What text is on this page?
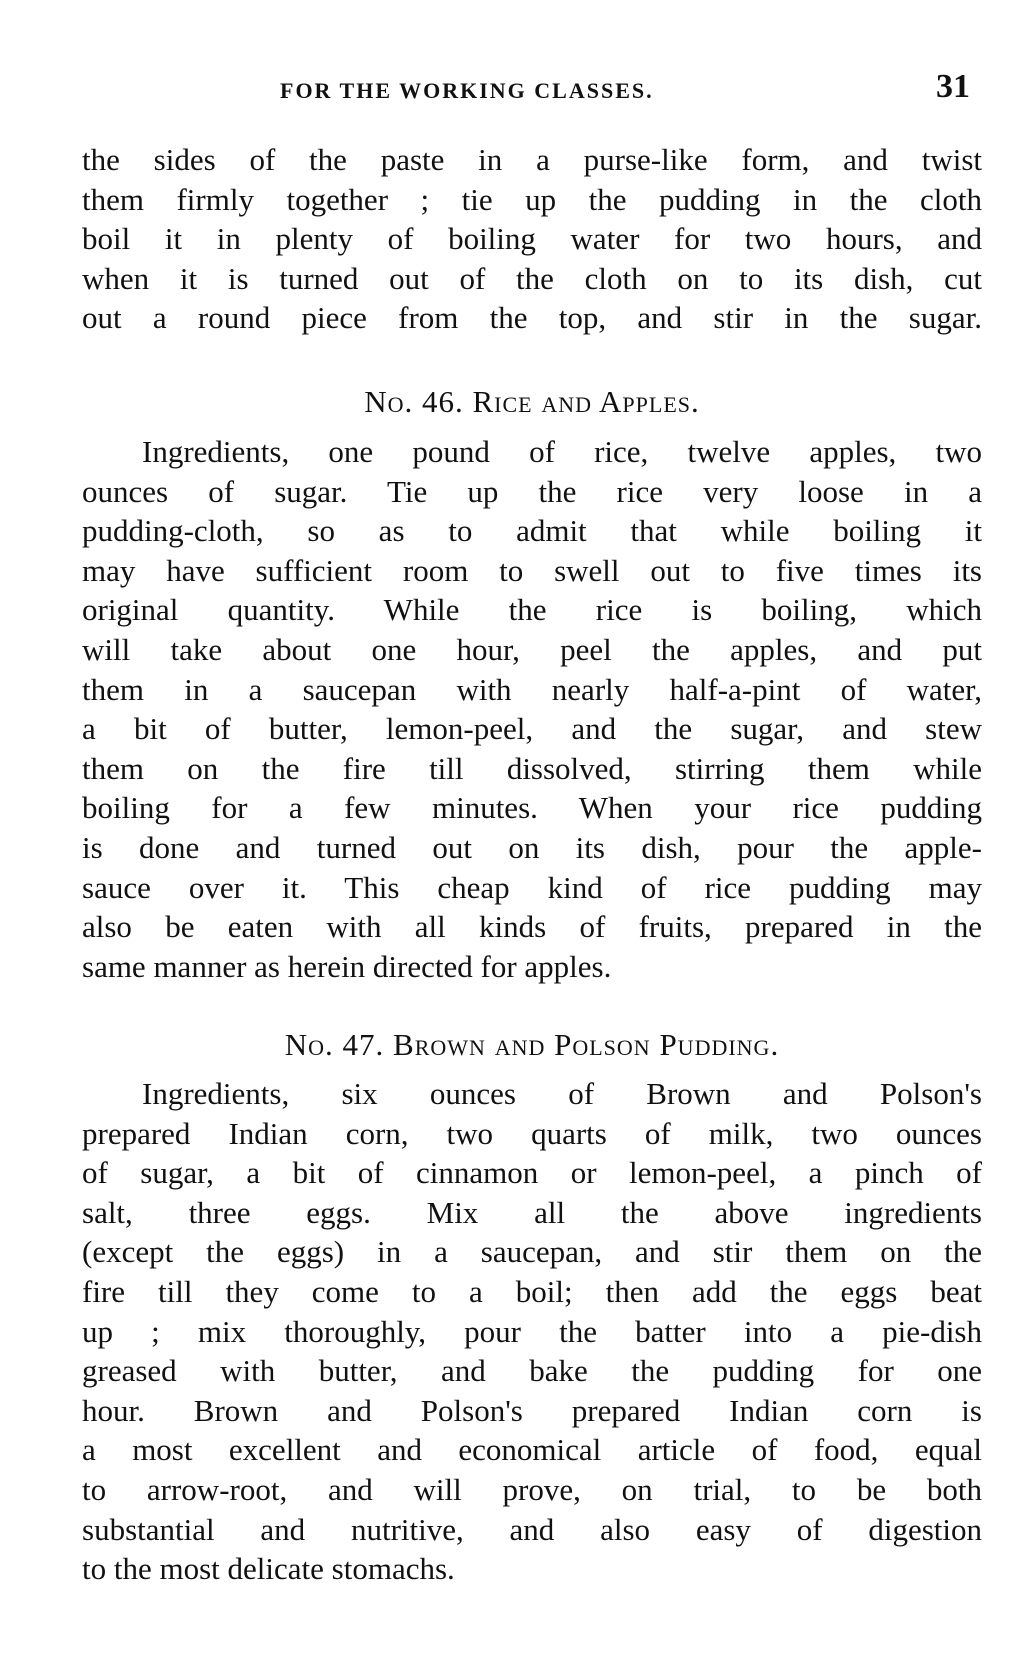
FOR THE WORKING CLASSES.	31
the sides of the paste in a purse-like form, and twist
them firmly together ; tie up the pudding in the cloth
boil it in plenty of boiling water for two hours, and
when it is turned out of the cloth on to its dish, cut
out a round piece from the top, and stir in the sugar.
No. 46. Rice and Apples.
Ingredients, one pound of rice, twelve apples, two
ounces of sugar. Tie up the rice very loose in a
pudding-cloth, so as to admit that while boiling it
may have sufficient room to swell out to five times its
original quantity. While the rice is boiling, which
will take about one hour, peel the apples, and put
them in a saucepan with nearly half-a-pint of water,
a bit of butter, lemon-peel, and the sugar, and stew
them on the fire till dissolved, stirring them while
boiling for a few minutes. When your rice pudding
is done and turned out on its dish, pour the apple-
sauce over it. This cheap kind of rice pudding may
also be eaten with all kinds of fruits, prepared in the
same manner as herein directed for apples.
No. 47. Brown and Polson Pudding.
Ingredients, six ounces of Brown and Polson's
prepared Indian corn, two quarts of milk, two ounces
of sugar, a bit of cinnamon or lemon-peel, a pinch of
salt, three eggs. Mix all the above ingredients
(except the eggs) in a saucepan, and stir them on the
fire till they come to a boil; then add the eggs beat
up ; mix thoroughly, pour the batter into a pie-dish
greased with butter, and bake the pudding for one
hour. Brown and Polson's prepared Indian corn is
a most excellent and economical article of food, equal
to arrow-root, and will prove, on trial, to be both
substantial and nutritive, and also easy of digestion
to the most delicate stomachs.
